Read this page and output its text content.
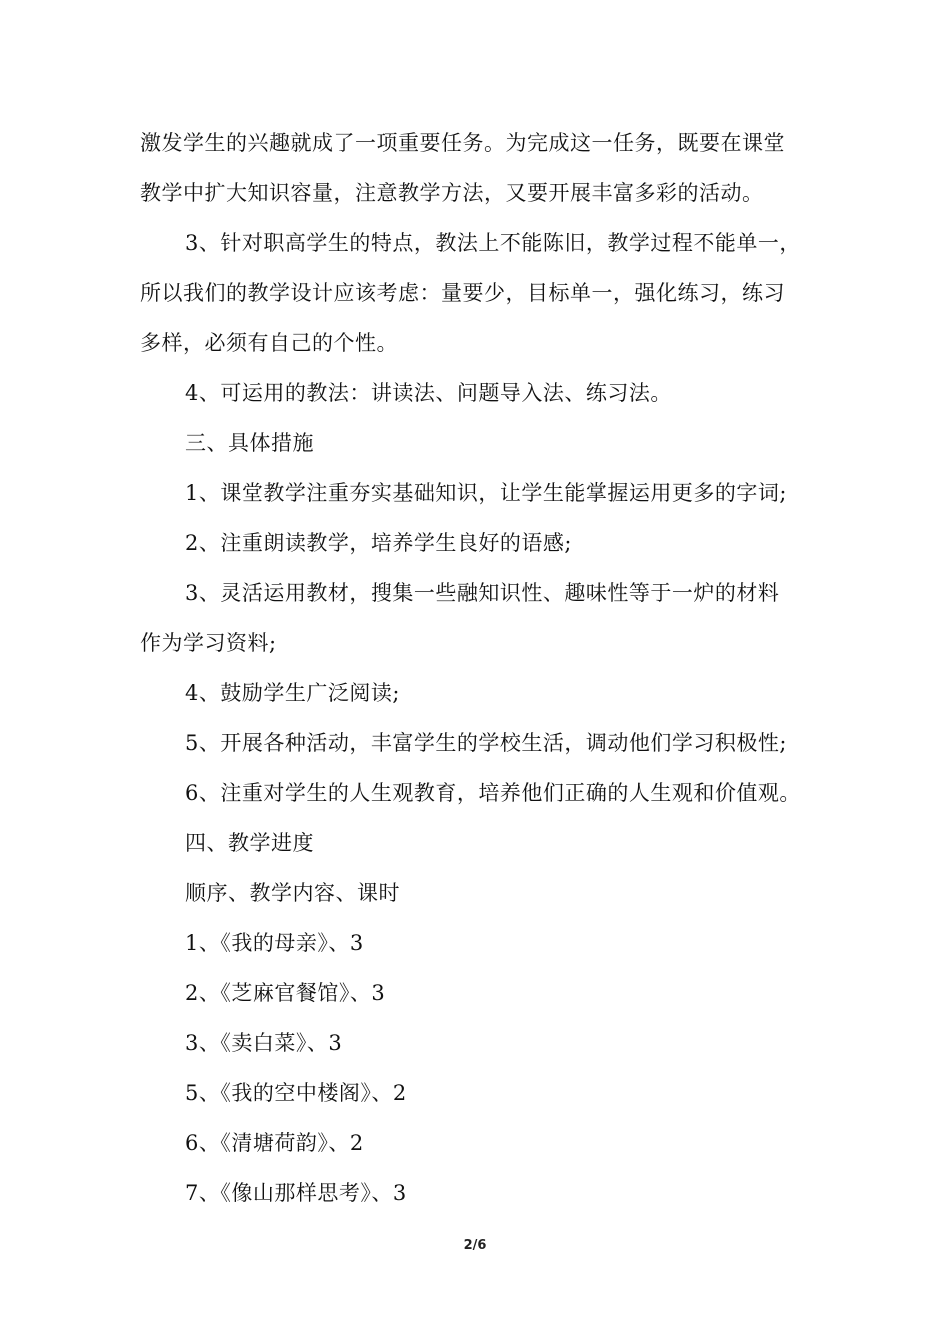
激发学生的兴趣就成了一项重要任务。为完成这一任务，既要在课堂
教学中扩大知识容量，注意教学方法，又要开展丰富多彩的活动。
3、针对职高学生的特点，教法上不能陈旧，教学过程不能单一，
所以我们的教学设计应该考虑：量要少，目标单一，强化练习，练习
多样，必须有自己的个性。
4、可运用的教法：讲读法、问题导入法、练习法。
三、具体措施
1、课堂教学注重夯实基础知识，让学生能掌握运用更多的字词;
2、注重朗读教学，培养学生良好的语感;
3、灵活运用教材，搜集一些融知识性、趣味性等于一炉的材料
作为学习资料;
4、鼓励学生广泛阅读;
5、开展各种活动，丰富学生的学校生活，调动他们学习积极性;
6、注重对学生的人生观教育，培养他们正确的人生观和价值观。
四、教学进度
顺序、教学内容、课时
1、《我的母亲》、3
2、《芝麻官餐馆》、3
3、《卖白菜》、3
5、《我的空中楼阁》、2
6、《清塘荷韵》、2
7、《像山那样思考》、3
2/6
